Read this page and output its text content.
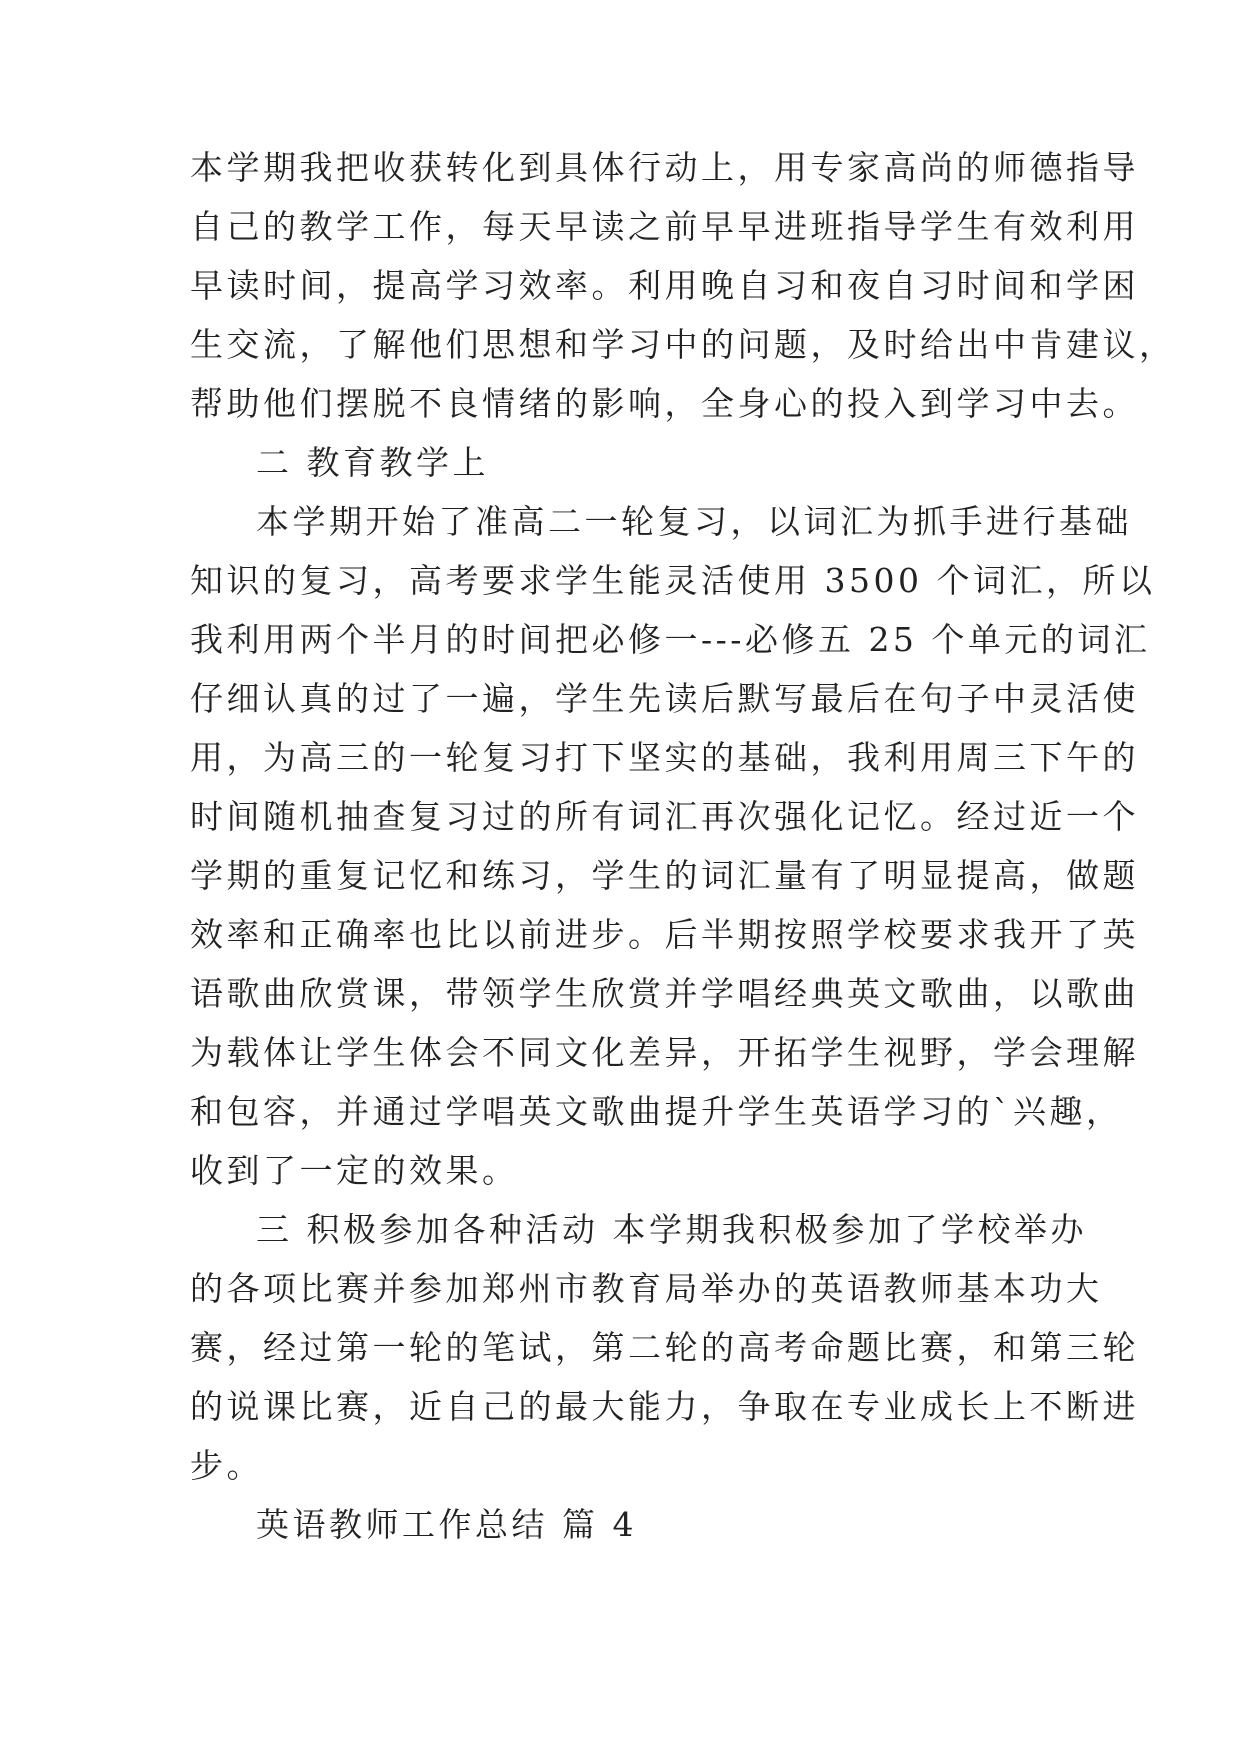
本学期我把收获转化到具体行动上，用专家高尚的师德指导
自己的教学工作，每天早读之前早早进班指导学生有效利用
早读时间，提高学习效率。利用晚自习和夜自习时间和学困
生交流，了解他们思想和学习中的问题，及时给出中肯建议，
帮助他们摆脱不良情绪的影响，全身心的投入到学习中去。
二 教育教学上
本学期开始了准高二一轮复习，以词汇为抓手进行基础
知识的复习，高考要求学生能灵活使用 3500 个词汇，所以
我利用两个半月的时间把必修一---必修五 25 个单元的词汇
仔细认真的过了一遍，学生先读后默写最后在句子中灵活使
用，为高三的一轮复习打下坚实的基础，我利用周三下午的
时间随机抽查复习过的所有词汇再次强化记忆。经过近一个
学期的重复记忆和练习，学生的词汇量有了明显提高，做题
效率和正确率也比以前进步。后半期按照学校要求我开了英
语歌曲欣赏课，带领学生欣赏并学唱经典英文歌曲，以歌曲
为载体让学生体会不同文化差异，开拓学生视野，学会理解
和包容，并通过学唱英文歌曲提升学生英语学习的`兴趣，
收到了一定的效果。
三 积极参加各种活动 本学期我积极参加了学校举办
的各项比赛并参加郑州市教育局举办的英语教师基本功大
赛，经过第一轮的笔试，第二轮的高考命题比赛，和第三轮
的说课比赛，近自己的最大能力，争取在专业成长上不断进
步。
英语教师工作总结 篇 4
